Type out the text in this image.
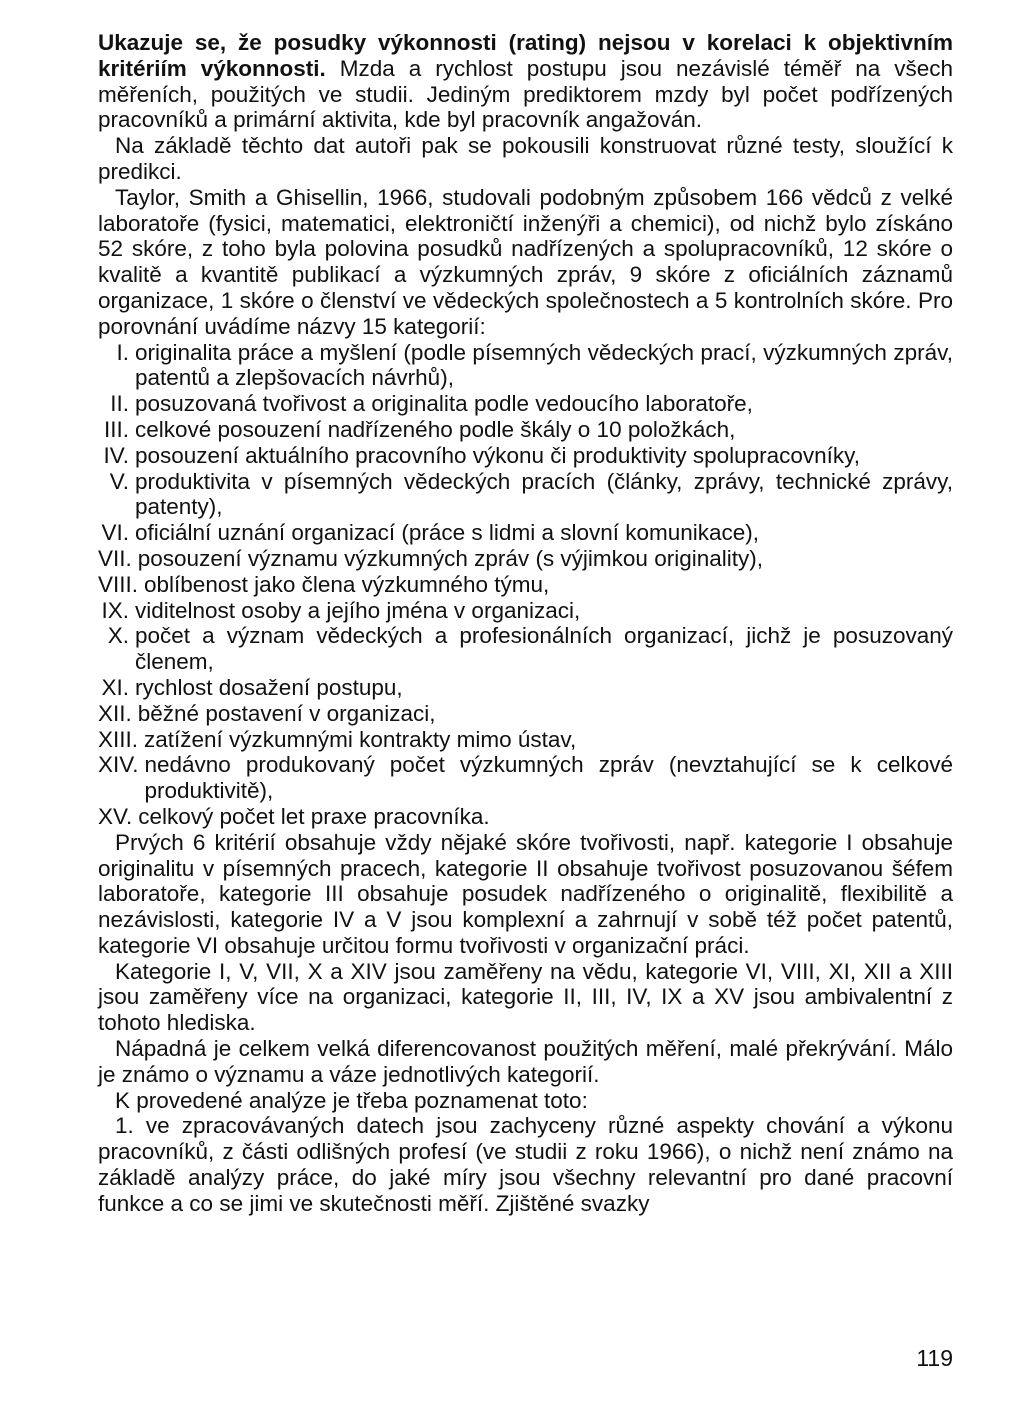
Ukazuje se, že posudky výkonnosti (rating) nejsou v korelaci k objektivním kritériím výkonnosti. Mzda a rychlost postupu jsou nezávislé téměř na všech měřeních, použitých ve studii. Jediným prediktorem mzdy byl počet podřízených pracovníků a primární aktivita, kde byl pracovník angažován.

Na základě těchto dat autoři pak se pokousili konstruovat různé testy, sloužící k predikci.

Taylor, Smith a Ghisellin, 1966, studovali podobným způsobem 166 vědců z velké laboratoře (fysici, matematici, elektroničtí inženýři a chemici), od nichž bylo získáno 52 skóre, z toho byla polovina posudků nadřízených a spolupracovníků, 12 skóre o kvalitě a kvantitě publikací a výzkumných zpráv, 9 skóre z oficiálních záznamů organizace, 1 skóre o členství ve vědeckých společnostech a 5 kontrolních skóre. Pro porovnání uvádíme názvy 15 kategorií:

I. originalita práce a myšlení (podle písemných vědeckých prací, výzkumných zpráv, patentů a zlepšovacích návrhů),
II. posuzovaná tvořivost a originalita podle vedoucího laboratoře,
III. celkové posouzení nadřízeného podle škály o 10 položkách,
IV. posouzení aktuálního pracovního výkonu či produktivity spolupracovníky,
V. produktivita v písemných vědeckých pracích (články, zprávy, technické zprávy, patenty),
VI. oficiální uznání organizací (práce s lidmi a slovní komunikace),
VII. posouzení významu výzkumných zpráv (s výjimkou originality),
VIII. oblíbenost jako člena výzkumného týmu,
IX. viditelnost osoby a jejího jména v organizaci,
X. počet a význam vědeckých a profesionálních organizací, jichž je posuzovaný členem,
XI. rychlost dosažení postupu,
XII. běžné postavení v organizaci,
XIII. zatížení výzkumnými kontrakty mimo ústav,
XIV. nedávno produkovaný počet výzkumných zpráv (nevztahující se k celkové produktivitě),
XV. celkový počet let praxe pracovníka.

Prvých 6 kritérií obsahuje vždy nějaké skóre tvořivosti, např. kategorie I obsahuje originalitu v písemných pracech, kategorie II obsahuje tvořivost posuzovanou šéfem laboratoře, kategorie III obsahuje posudek nadřízeného o originalitě, flexibilitě a nezávislosti, kategorie IV a V jsou komplexní a zahrnují v sobě též počet patentů, kategorie VI obsahuje určitou formu tvořivosti v organizační práci.

Kategorie I, V, VII, X a XIV jsou zaměřeny na vědu, kategorie VI, VIII, XI, XII a XIII jsou zaměřeny více na organizaci, kategorie II, III, IV, IX a XV jsou ambivalentní z tohoto hlediska.

Nápadná je celkem velká diferencovanost použitých měření, malé překrývání. Málo je známo o významu a váze jednotlivých kategorií.

K provedené analýze je třeba poznamenat toto:

1. ve zpracovávaných datech jsou zachyceny různé aspekty chování a výkonu pracovníků, z části odlišných profesí (ve studii z roku 1966), o nichž není známo na základě analýzy práce, do jaké míry jsou všechny relevantní pro dané pracovní funkce a co se jimi ve skutečnosti měří. Zjištěné svazky

119
